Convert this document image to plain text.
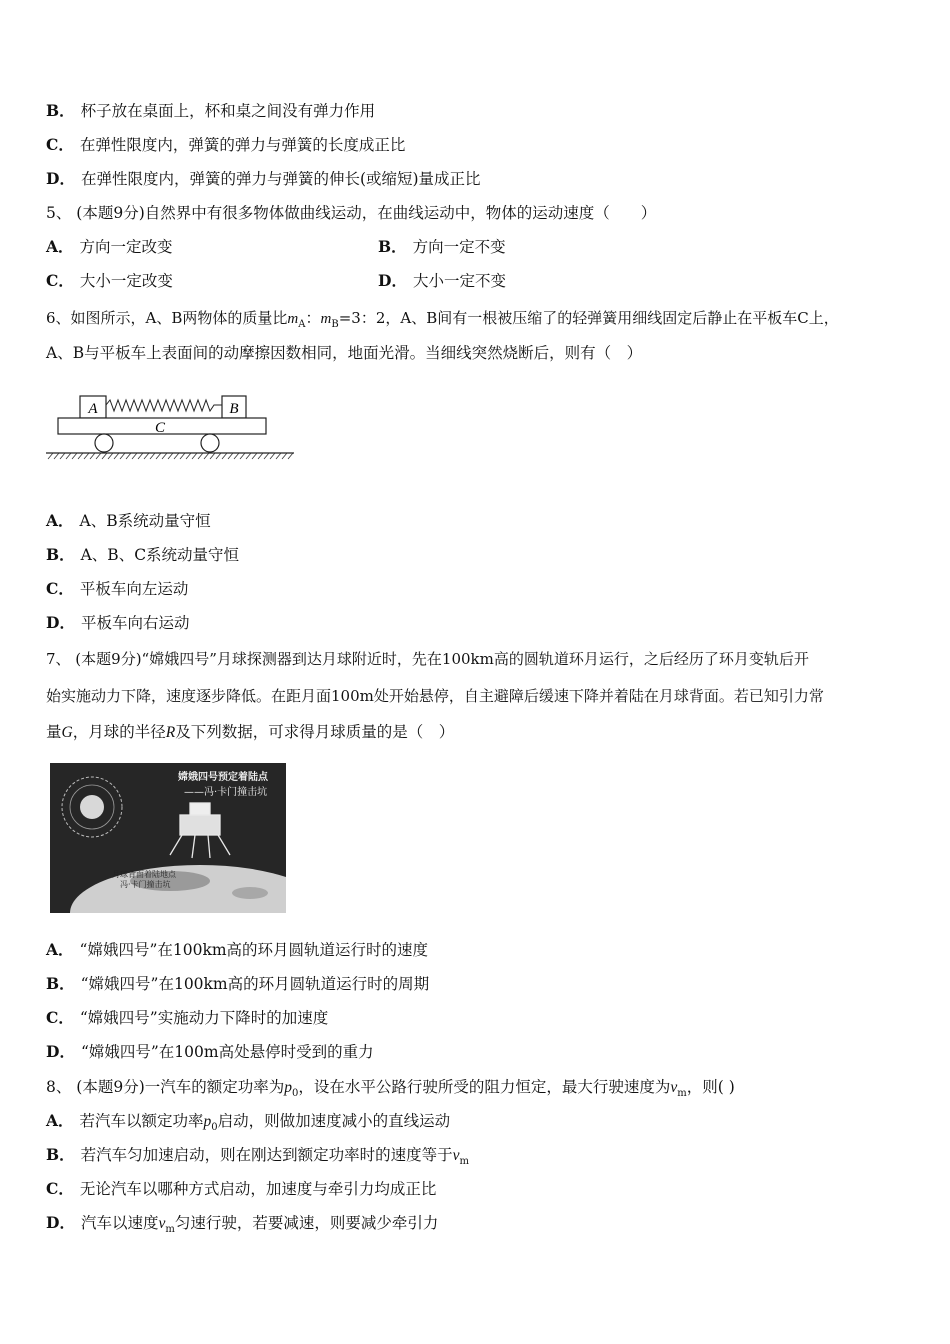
B． 杯子放在桌面上，杯和桌之间没有弹力作用
C． 在弹性限度内，弹簧的弹力与弹簧的长度成正比
D． 在弹性限度内，弹簧的弹力与弹簧的伸长(或缩短)量成正比
5、 (本题9分)自然界中有很多物体做曲线运动，在曲线运动中，物体的运动速度（　　）
A． 方向一定改变	B． 方向一定不变
C． 大小一定改变	D． 大小一定不变
6、如图所示，A、B两物体的质量比$m_A$：$m_B=3$：2，A、B间有一根被压缩了的轻弹簧用细线固定后静止在平板车C上，
A、B与平板车上表面间的动摩擦因数相同，地面光滑。当细线突然烧断后，则有（　）
A	B
C
A． A、B系统动量守恒
B． A、B、C系统动量守恒
C． 平板车向左运动
D． 平板车向右运动
7、 (本题9分)“嫦娥四号”月球探测器到达月球附近时，先在100km高的圆轨道环月运行，之后经历了环月变轨后开
始实施动力下降，速度逐步降低。在距月面100m处开始悬停，自主避障后缓速下降并着陆在月球背面。若已知引力常
量G，月球的半径R及下列数据，可求得月球质量的是（　）
嫦娥四号预定着陆点
——冯·卡门撞击坑
月球背面着陆地点
冯·卡门撞击坑
A． “嫦娥四号”在100km高的环月圆轨道运行时的速度
B． “嫦娥四号”在100km高的环月圆轨道运行时的周期
C． “嫦娥四号”实施动力下降时的加速度
D． “嫦娥四号”在100m高处悬停时受到的重力
8、 (本题9分)一汽车的额定功率为$p_0$，设在水平公路行驶所受的阻力恒定，最大行驶速度为$v_m$，则( )
A． 若汽车以额定功率$p_0$启动，则做加速度减小的直线运动
B． 若汽车匀加速启动，则在刚达到额定功率时的速度等于$v_m$
C． 无论汽车以哪种方式启动，加速度与牵引力均成正比
D． 汽车以速度$v_m$匀速行驶，若要减速，则要减少牵引力
